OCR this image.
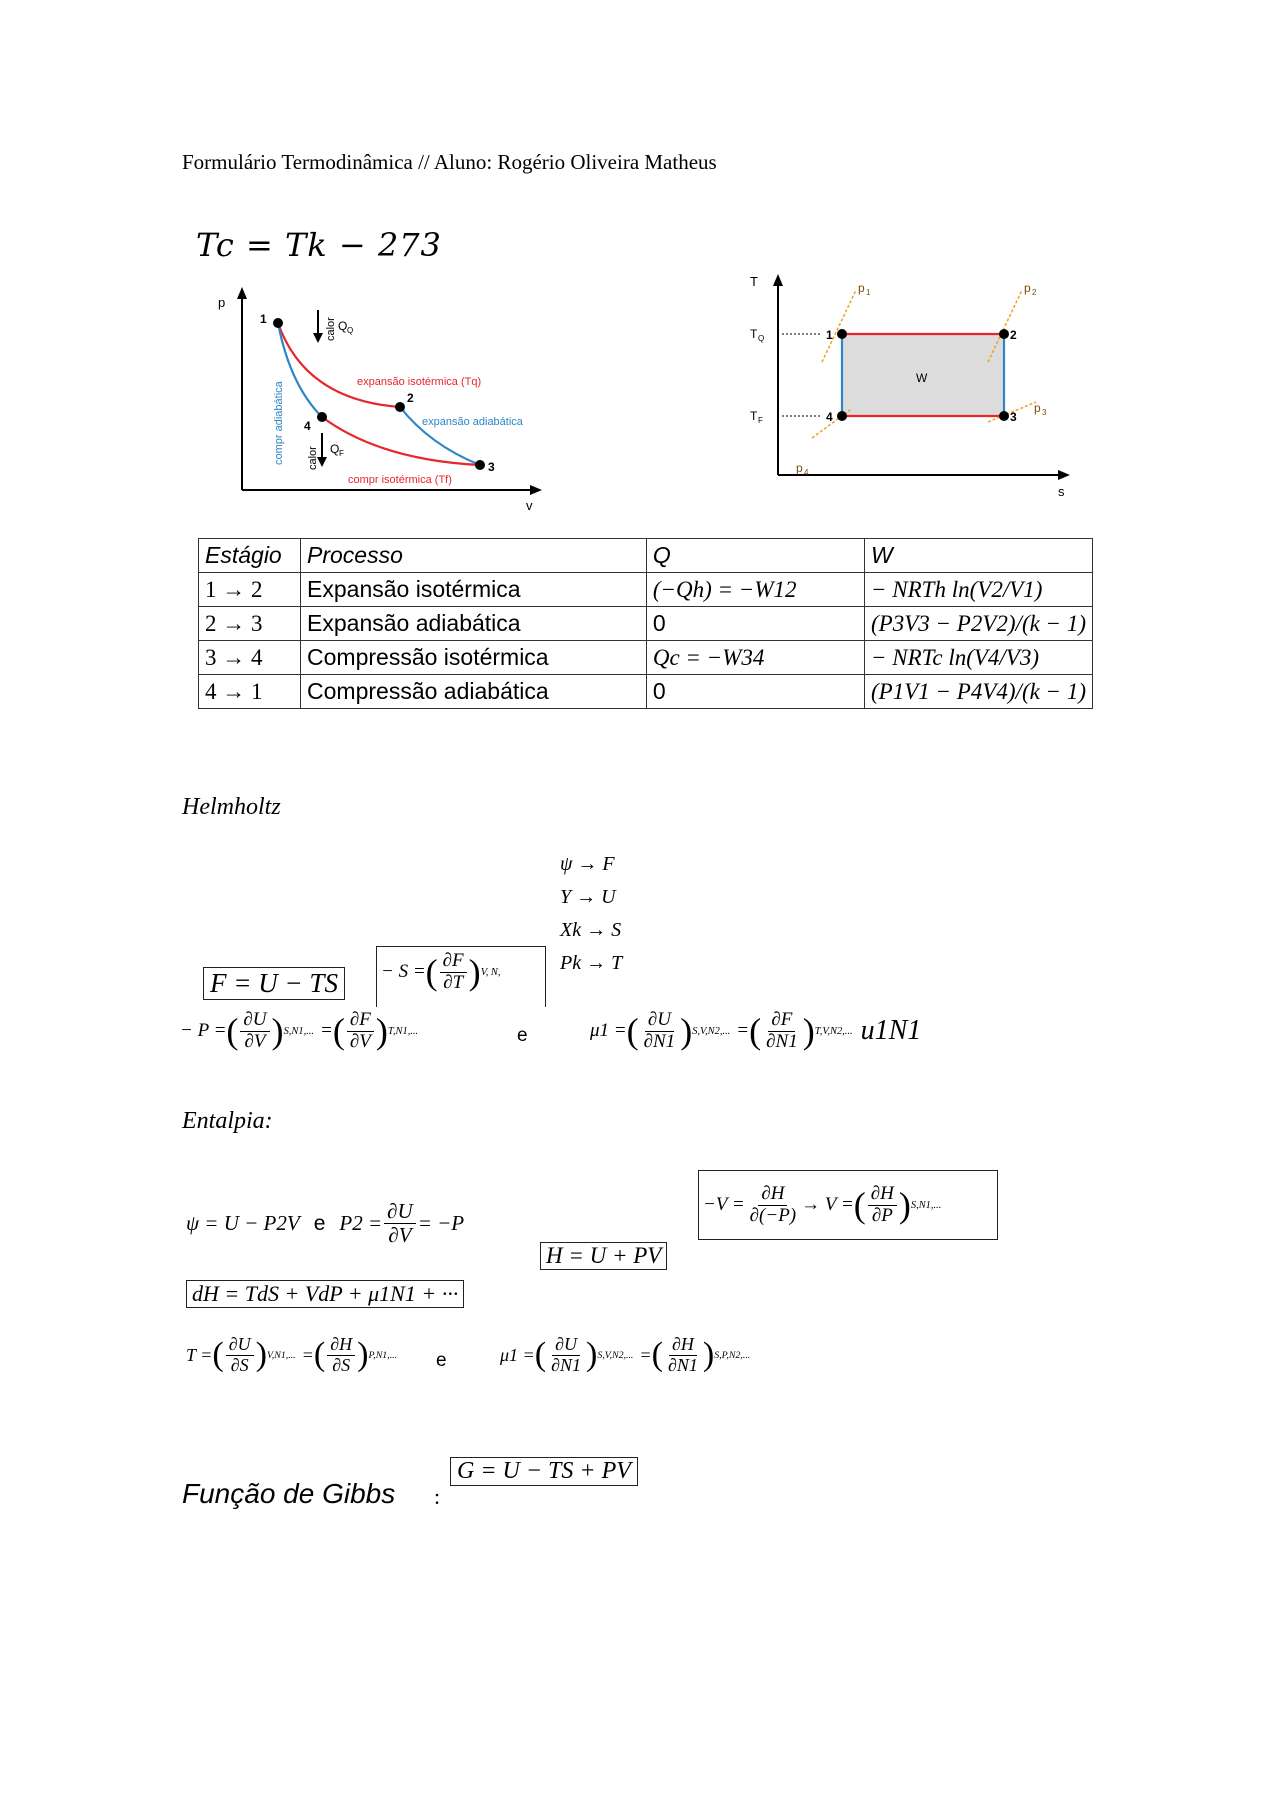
Formulário Termodinâmica // Aluno: Rogério Oliveira Matheus
Tc = Tk − 273
p
v
1
2
3
4
expansão isotérmica (Tq)
expansão adiabática
compr isotérmica (Tf)
compr adiabática
calor Q Q
calor Q F
T
s
W
T Q
T F
1	2
3
4
p 1	p 2
p 3
p 4
Estágio	Processo	Q	W
1 → 2	Expansão isotérmica	(−Qh) = −W12	− NRTh ln(V2/V1)
2 → 3	Expansão adiabática	0	(P3V3 − P2V2)/(k − 1)
3 → 4	Compressão isotérmica	Qc = −W34	− NRTc ln(V4/V3)
4 → 1	Compressão adiabática	0	(P1V1 − P4V4)/(k − 1)
Helmholtz
ψ → F
Y → U
Xk → S
Pk → T
F = U − TS	− S = ( $\frac{\partial F}{\partial T}$ ) V, N,
− P = ( $\frac{\partial U}{\partial V}$ ) S,N1,... = ( $\frac{\partial F}{\partial V}$ ) T,N1,...	e	μ1 = ( $\frac{\partial U}{\partial N1}$ ) S,V,N2,... = ( $\frac{\partial F}{\partial N1}$ ) T,V,N2,... u1N1
Entalpia:
ψ = U − P2V e $P2 = \frac{\partial U}{\partial V} = -P$
H = U + PV
$-V = \frac{\partial H}{\partial(-P)} \to V$ = ( $\frac{\partial H}{\partial P}$ ) S,N1,...
dH = TdS + VdP + μ1N1 + ···
T = ( $\frac{\partial U}{\partial S}$ ) V,N1,... = ( $\frac{\partial H}{\partial S}$ ) P,N1,... e	μ1 = ( $\frac{\partial U}{\partial N1}$ ) S,V,N2,... = ( $\frac{\partial H}{\partial N1}$ ) S,P,N2,...
Função de Gibbs :
G = U − TS + PV
